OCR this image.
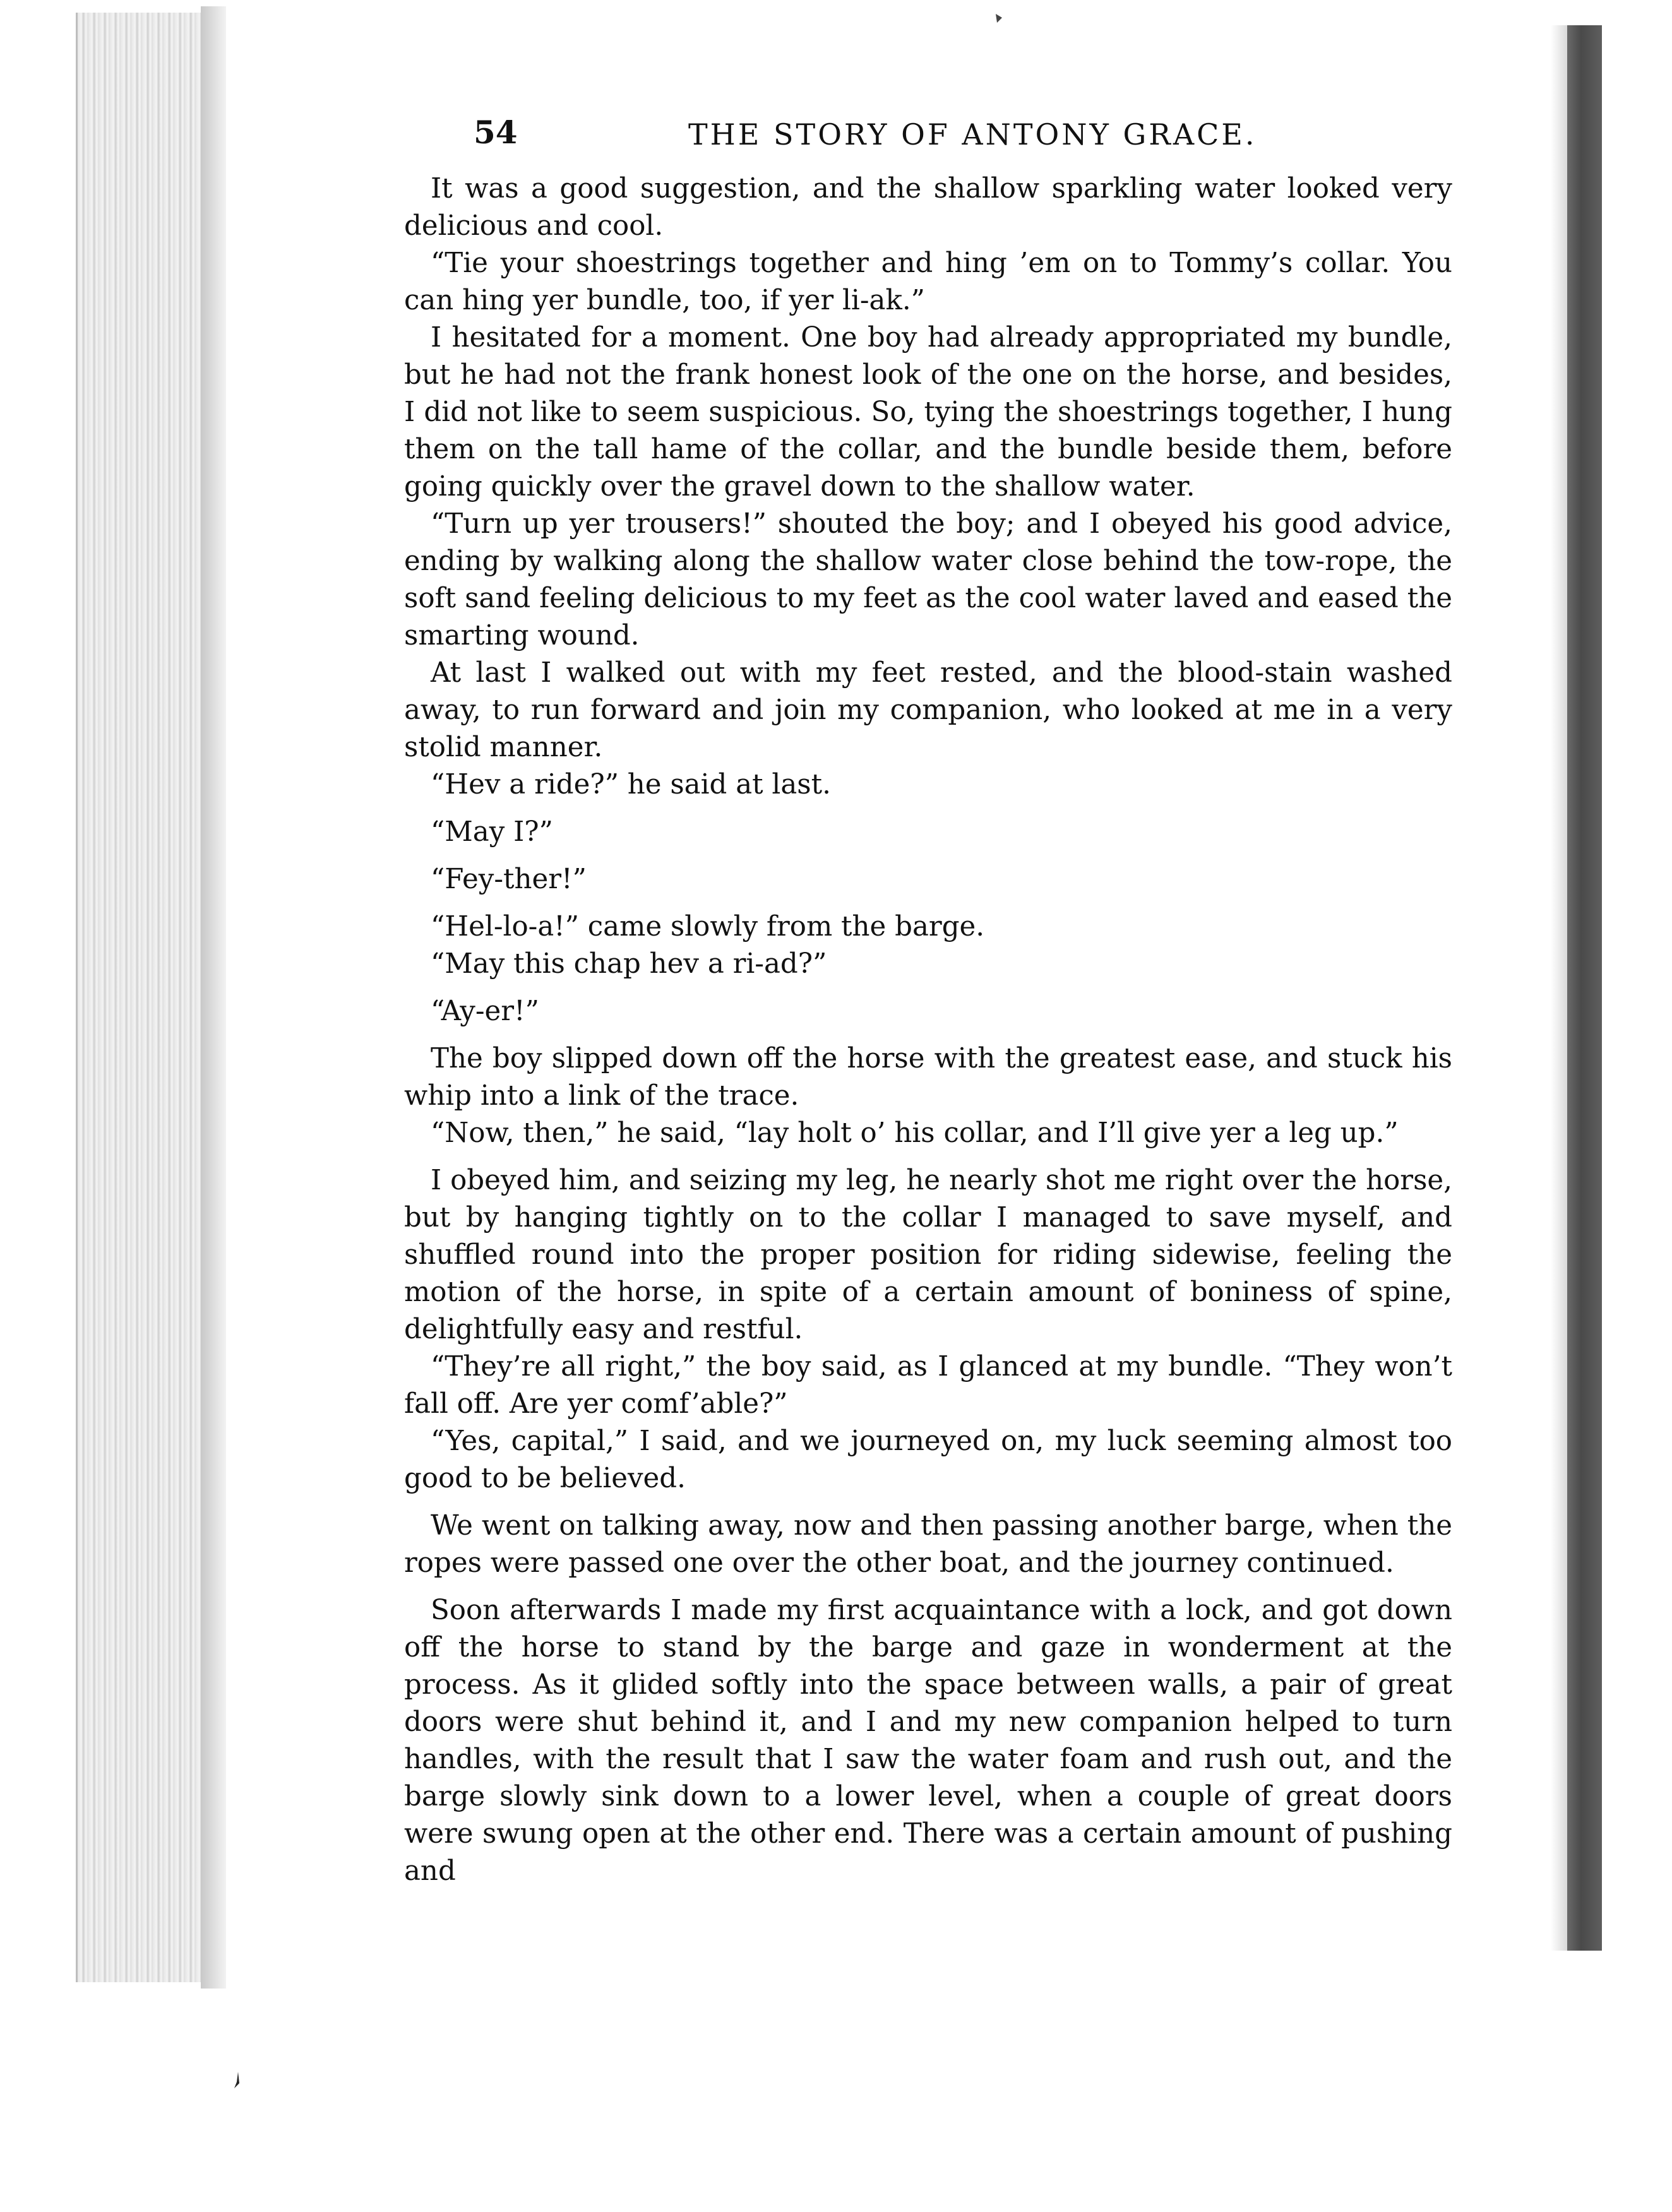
54	THE STORY OF ANTONY GRACE.

It was a good suggestion, and the shallow sparkling water looked very delicious and cool.

“Tie your shoestrings together and hing ’em on to Tommy’s collar. You can hing yer bundle, too, if yer li-ak.”

I hesitated for a moment. One boy had already appropriated my bundle, but he had not the frank honest look of the one on the horse, and besides, I did not like to seem suspicious. So, tying the shoestrings together, I hung them on the tall hame of the collar, and the bundle beside them, before going quickly over the gravel down to the shallow water.

“Turn up yer trousers!” shouted the boy; and I obeyed his good advice, ending by walking along the shallow water close behind the tow-rope, the soft sand feeling delicious to my feet as the cool water laved and eased the smarting wound.

At last I walked out with my feet rested, and the blood-stain washed away, to run forward and join my companion, who looked at me in a very stolid manner.

“Hev a ride?” he said at last.

“May I?”

“Fey-ther!”

“Hel-lo-a!” came slowly from the barge.

“May this chap hev a ri-ad?”

“Ay-er!”

The boy slipped down off the horse with the greatest ease, and stuck his whip into a link of the trace.

“Now, then,” he said, “lay holt o’ his collar, and I’ll give yer a leg up.”

I obeyed him, and seizing my leg, he nearly shot me right over the horse, but by hanging tightly on to the collar I managed to save myself, and shuffled round into the proper position for riding sidewise, feeling the motion of the horse, in spite of a certain amount of boniness of spine, delightfully easy and restful.

“They’re all right,” the boy said, as I glanced at my bundle. “They won’t fall off. Are yer comf’able?”

“Yes, capital,” I said, and we journeyed on, my luck seeming almost too good to be believed.

We went on talking away, now and then passing another barge, when the ropes were passed one over the other boat, and the journey continued.

Soon afterwards I made my first acquaintance with a lock, and got down off the horse to stand by the barge and gaze in wonderment at the process. As it glided softly into the space between walls, a pair of great doors were shut behind it, and I and my new companion helped to turn handles, with the result that I saw the water foam and rush out, and the barge slowly sink down to a lower level, when a couple of great doors were swung open at the other end. There was a certain amount of pushing and
